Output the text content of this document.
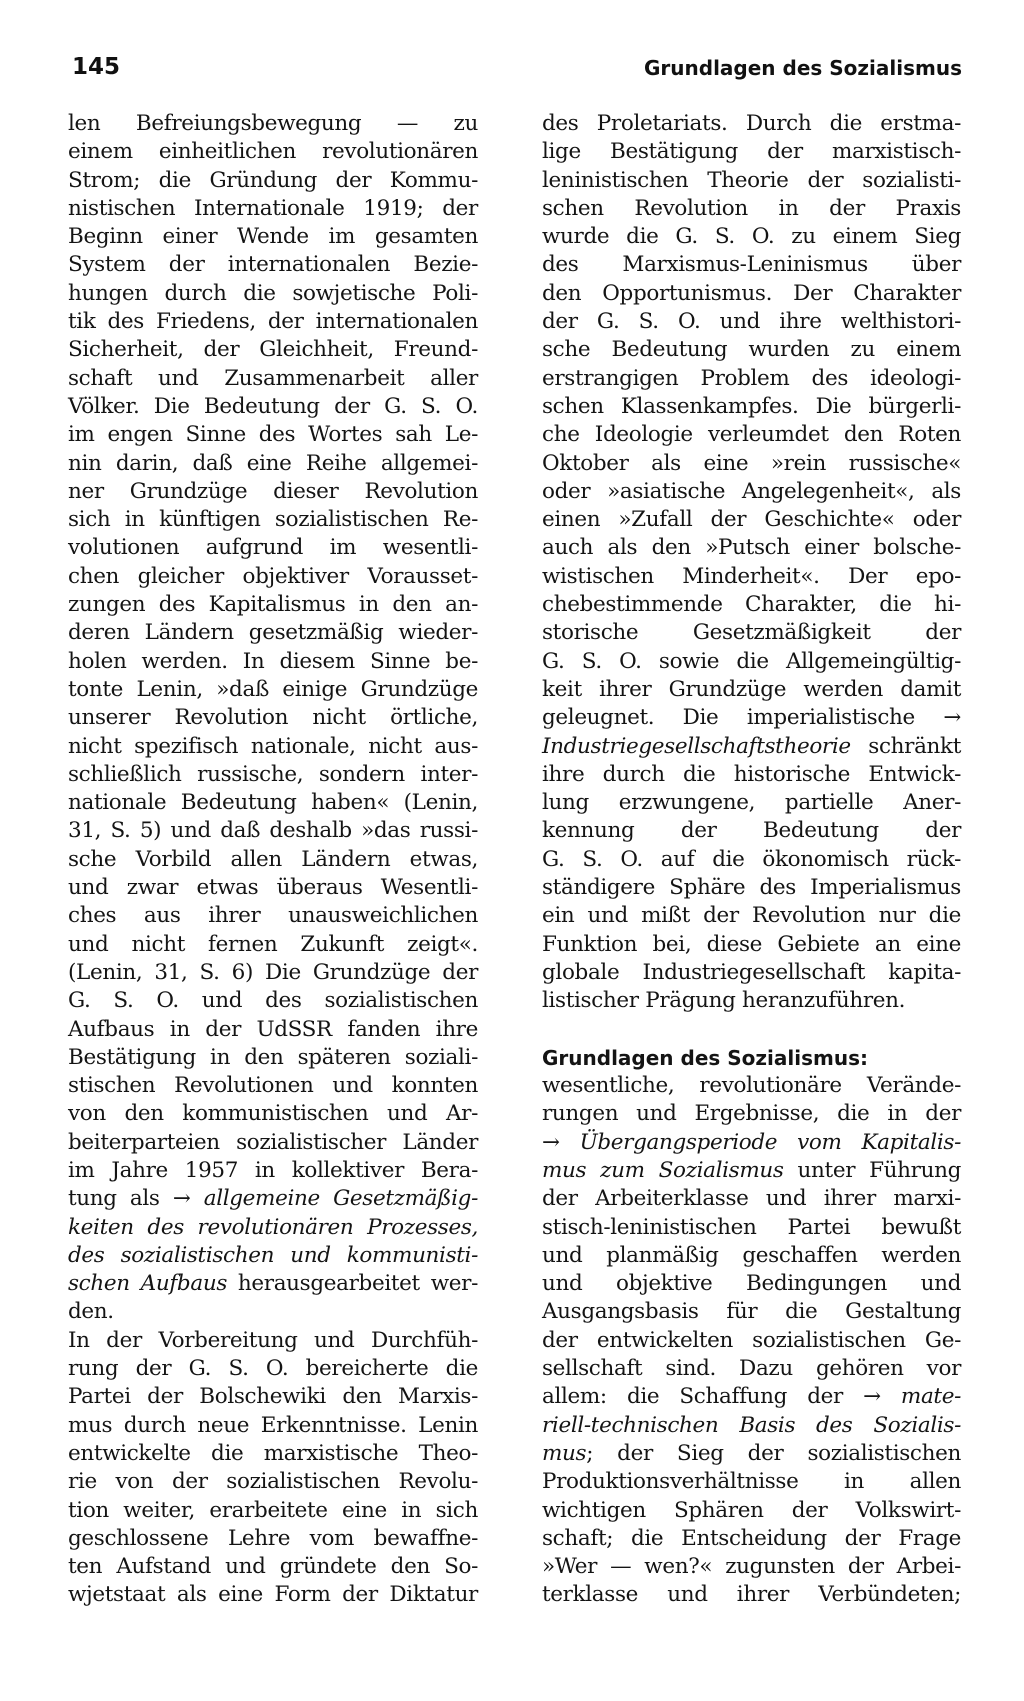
145	Grundlagen des Sozialismus
len Befreiungsbewegung — zu
einem einheitlichen revolutionären
Strom; die Gründung der Kommu-
nistischen Internationale 1919; der
Beginn einer Wende im gesamten
System der internationalen Bezie-
hungen durch die sowjetische Poli-
tik des Friedens, der internationalen
Sicherheit, der Gleichheit, Freund-
schaft und Zusammenarbeit aller
Völker. Die Bedeutung der G. S. O.
im engen Sinne des Wortes sah Le-
nin darin, daß eine Reihe allgemei-
ner Grundzüge dieser Revolution
sich in künftigen sozialistischen Re-
volutionen aufgrund im wesentli-
chen gleicher objektiver Vorausset-
zungen des Kapitalismus in den an-
deren Ländern gesetzmäßig wieder-
holen werden. In diesem Sinne be-
tonte Lenin, »daß einige Grundzüge
unserer Revolution nicht örtliche,
nicht spezifisch nationale, nicht aus-
schließlich russische, sondern inter-
nationale Bedeutung haben« (Lenin,
31, S. 5) und daß deshalb »das russi-
sche Vorbild allen Ländern etwas,
und zwar etwas überaus Wesentli-
ches aus ihrer unausweichlichen
und nicht fernen Zukunft zeigt«.
(Lenin, 31, S. 6) Die Grundzüge der
G. S. O. und des sozialistischen
Aufbaus in der UdSSR fanden ihre
Bestätigung in den späteren soziali-
stischen Revolutionen und konnten
von den kommunistischen und Ar-
beiterparteien sozialistischer Länder
im Jahre 1957 in kollektiver Bera-
tung als → allgemeine Gesetzmäßig-
keiten des revolutionären Prozesses,
des sozialistischen und kommunisti-
schen Aufbaus herausgearbeitet wer-
den.
In der Vorbereitung und Durchfüh-
rung der G. S. O. bereicherte die
Partei der Bolschewiki den Marxis-
mus durch neue Erkenntnisse. Lenin
entwickelte die marxistische Theo-
rie von der sozialistischen Revolu-
tion weiter, erarbeitete eine in sich
geschlossene Lehre vom bewaffne-
ten Aufstand und gründete den So-
wjetstaat als eine Form der Diktatur
des Proletariats. Durch die erstma-
lige Bestätigung der marxistisch-
leninistischen Theorie der sozialisti-
schen Revolution in der Praxis
wurde die G. S. O. zu einem Sieg
des Marxismus-Leninismus über
den Opportunismus. Der Charakter
der G. S. O. und ihre welthistori-
sche Bedeutung wurden zu einem
erstrangigen Problem des ideologi-
schen Klassenkampfes. Die bürgerli-
che Ideologie verleumdet den Roten
Oktober als eine »rein russische«
oder »asiatische Angelegenheit«, als
einen »Zufall der Geschichte« oder
auch als den »Putsch einer bolsche-
wistischen Minderheit«. Der epo-
chebestimmende Charakter, die hi-
storische Gesetzmäßigkeit der
G. S. O. sowie die Allgemeingültig-
keit ihrer Grundzüge werden damit
geleugnet. Die imperialistische →
Industriegesellschaftstheorie schränkt
ihre durch die historische Entwick-
lung erzwungene, partielle Aner-
kennung der Bedeutung der
G. S. O. auf die ökonomisch rück-
ständigere Sphäre des Imperialismus
ein und mißt der Revolution nur die
Funktion bei, diese Gebiete an eine
globale Industriegesellschaft kapita-
listischer Prägung heranzuführen.
Grundlagen des Sozialismus:
wesentliche, revolutionäre Verände-
rungen und Ergebnisse, die in der
→ Übergangsperiode vom Kapitalis-
mus zum Sozialismus unter Führung
der Arbeiterklasse und ihrer marxi-
stisch-leninistischen Partei bewußt
und planmäßig geschaffen werden
und objektive Bedingungen und
Ausgangsbasis für die Gestaltung
der entwickelten sozialistischen Ge-
sellschaft sind. Dazu gehören vor
allem: die Schaffung der → mate-
riell-technischen Basis des Sozialis-
mus; der Sieg der sozialistischen
Produktionsverhältnisse in allen
wichtigen Sphären der Volkswirt-
schaft; die Entscheidung der Frage
»Wer — wen?« zugunsten der Arbei-
terklasse und ihrer Verbündeten;
